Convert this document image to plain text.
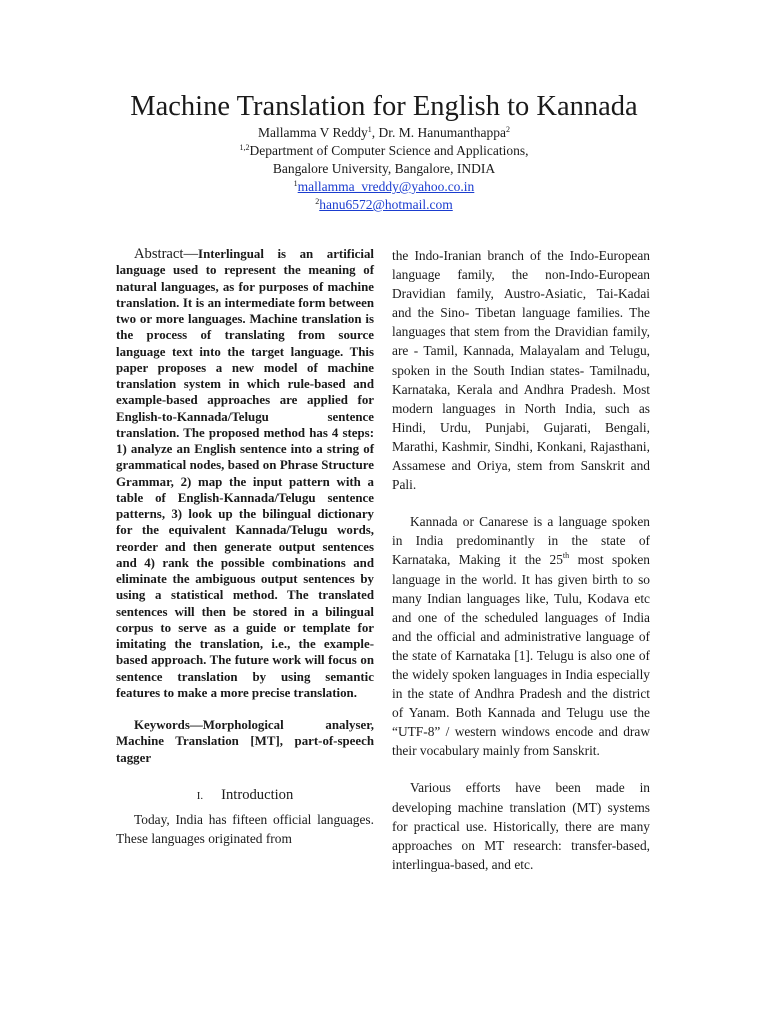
Machine Translation for English to Kannada
Mallamma V Reddy$^1$, Dr. M. Hanumanthappa$^2$
$^{1,2}$Department of Computer Science and Applications,
Bangalore University, Bangalore, INDIA
$^1$mallamma_vreddy@yahoo.co.in
$^2$hanu6572@hotmail.com

Abstract—Interlingual is an artificial language used to represent the meaning of natural languages, as for purposes of machine translation. It is an intermediate form between two or more languages. Machine translation is the process of translating from source language text into the target language. This paper proposes a new model of machine translation system in which rule-based and example-based approaches are applied for English-to-Kannada/Telugu sentence translation. The proposed method has 4 steps: 1) analyze an English sentence into a string of grammatical nodes, based on Phrase Structure Grammar, 2) map the input pattern with a table of English-Kannada/Telugu sentence patterns, 3) look up the bilingual dictionary for the equivalent Kannada/Telugu words, reorder and then generate output sentences and 4) rank the possible combinations and eliminate the ambiguous output sentences by using a statistical method. The translated sentences will then be stored in a bilingual corpus to serve as a guide or template for imitating the translation, i.e., the example-based approach. The future work will focus on sentence translation by using semantic features to make a more precise translation.

Keywords—Morphological analyser, Machine Translation [MT], part-of-speech tagger

I. Introduction

Today, India has fifteen official languages. These languages originated from

the Indo-Iranian branch of the Indo-European language family, the non-Indo-European Dravidian family, Austro-Asiatic, Tai-Kadai and the Sino- Tibetan language families. The languages that stem from the Dravidian family, are - Tamil, Kannada, Malayalam and Telugu, spoken in the South Indian states- Tamilnadu, Karnataka, Kerala and Andhra Pradesh. Most modern languages in North India, such as Hindi, Urdu, Punjabi, Gujarati, Bengali, Marathi, Kashmir, Sindhi, Konkani, Rajasthani, Assamese and Oriya, stem from Sanskrit and Pali.

Kannada or Canarese is a language spoken in India predominantly in the state of Karnataka, Making it the 25th most spoken language in the world. It has given birth to so many Indian languages like, Tulu, Kodava etc and one of the scheduled languages of India and the official and administrative language of the state of Karnataka [1]. Telugu is also one of the widely spoken languages in India especially in the state of Andhra Pradesh and the district of Yanam. Both Kannada and Telugu use the “UTF-8” / western windows encode and draw their vocabulary mainly from Sanskrit.

Various efforts have been made in developing machine translation (MT) systems for practical use. Historically, there are many approaches on MT research: transfer-based, interlingua-based, and etc.
